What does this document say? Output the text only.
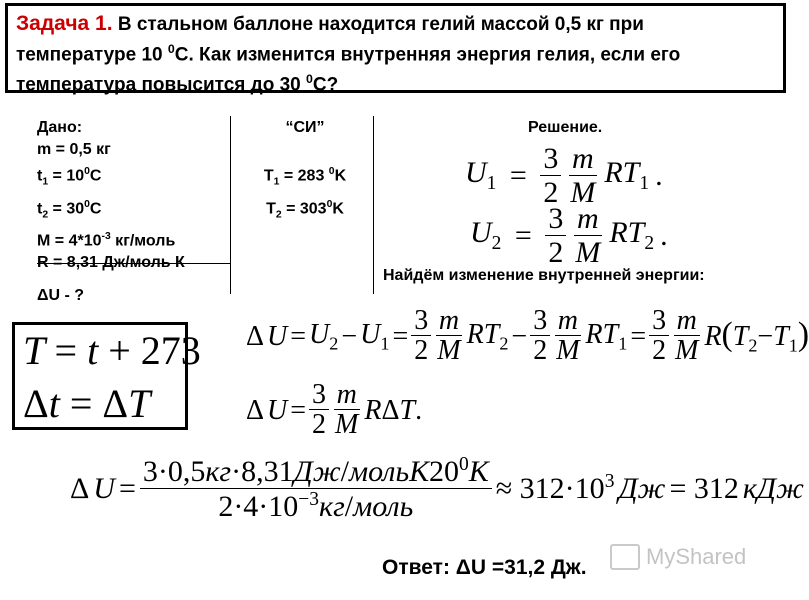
Задача 1. В стальном баллоне находится гелий массой 0,5 кг при
температуре 10 $^0$С. Как изменится внутренняя энергия гелия, если его
температура повысится до 30 $^0$С?
Дано:
m = 0,5 кг
$t_1 = 10^0С$
$t_2 = 30^0С$
$M = 4*10^{-3}$ кг/моль
R = 8,31 Дж/моль К
ΔU - ?
“СИ”
$T_1 = 283$ $^0$K
$T_2 = 303^0K$
Решение.
$U_1 = \frac{3}{2} \frac{m}{M} RT_1$ .
$U_2 = \frac{3}{2} \frac{m}{M} RT_2$ .
Найдём изменение внутренней энергии:
T = t + 273
Δt = ΔT
Δ $U = U_2 - U_1 = \frac{3}{2} \frac{m}{M} RT_2 - \frac{3}{2} \frac{m}{M} RT_1 = \frac{3}{2} \frac{m}{M} R(T_2-T_1)$
Δ $U = \frac{3}{2} \frac{m}{M} R\Delta T$.
Δ $U = \frac{3\cdot 0,5кг\cdot 8,31Дж/мольК20^0К}{2\cdot 4\cdot 10^{-3}кг/моль} \approx 312\cdot 10^3$ Дж = 312 кДж
Ответ: ΔU =31,2 Дж.	MyShared
